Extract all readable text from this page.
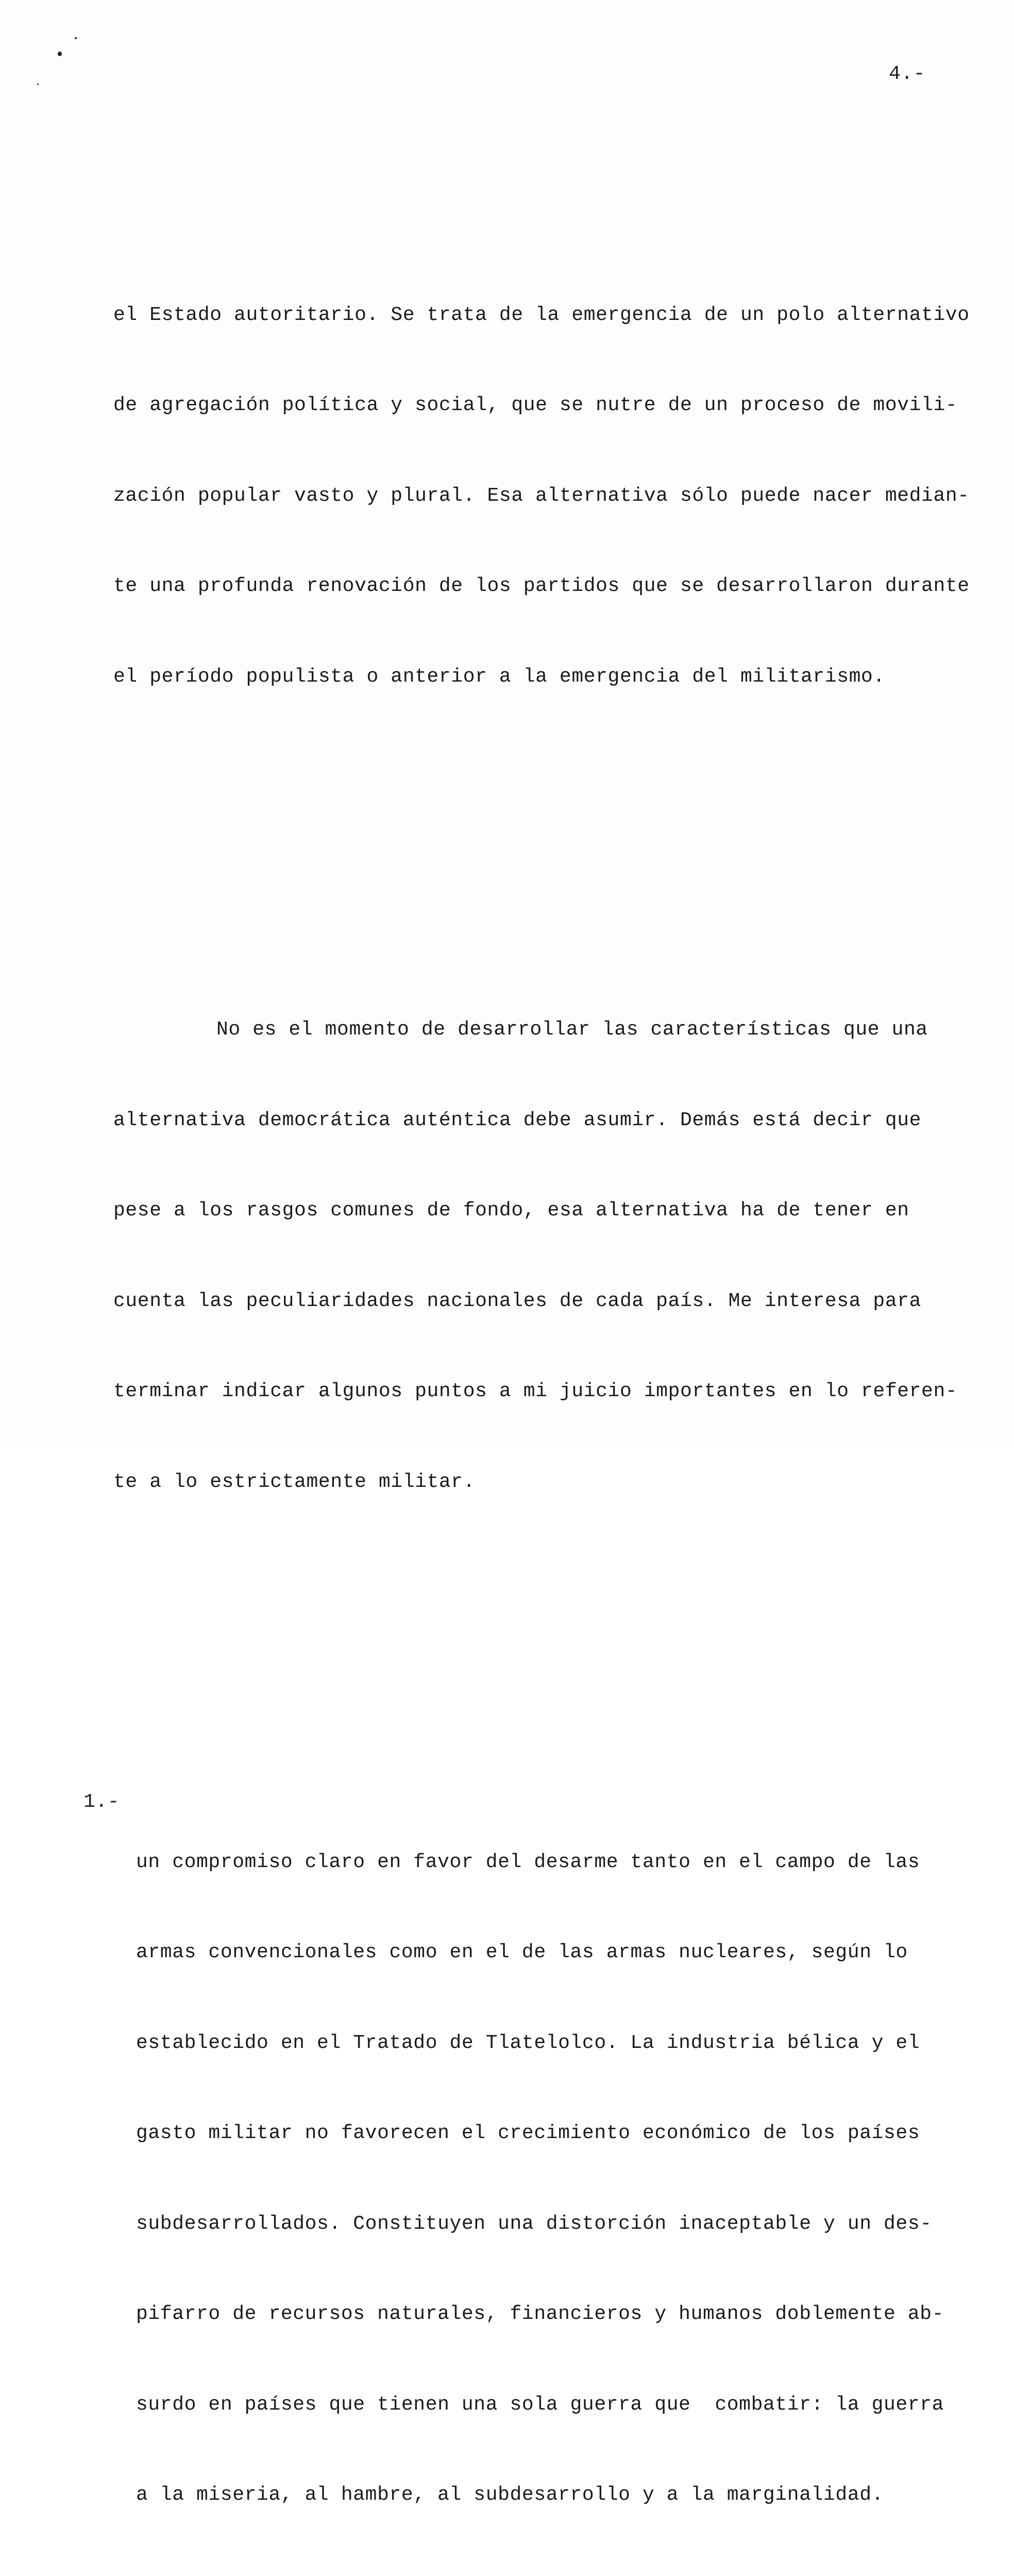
4.-

el Estado autoritario. Se trata de la emergencia de un polo alternativo

de agregación política y social, que se nutre de un proceso de movili-

zación popular vasto y plural. Esa alternativa sólo puede nacer median-

te una profunda renovación de los partidos que se desarrollaron durante

el período populista o anterior a la emergencia del militarismo.

No es el momento de desarrollar las características que una

alternativa democrática auténtica debe asumir. Demás está decir que

pese a los rasgos comunes de fondo, esa alternativa ha de tener en

cuenta las peculiaridades nacionales de cada país. Me interesa para

terminar indicar algunos puntos a mi juicio importantes en lo referen-

te a lo estrictamente militar.

1.-

un compromiso claro en favor del desarme tanto en el campo de las

armas convencionales como en el de las armas nucleares, según lo

establecido en el Tratado de Tlatelolco. La industria bélica y el

gasto militar no favorecen el crecimiento económico de los países

subdesarrollados. Constituyen una distorción inaceptable y un des-

pifarro de recursos naturales, financieros y humanos doblemente ab-

surdo en países que tienen una sola guerra que  combatir: la guerra

a la miseria, al hambre, al subdesarrollo y a la marginalidad.
